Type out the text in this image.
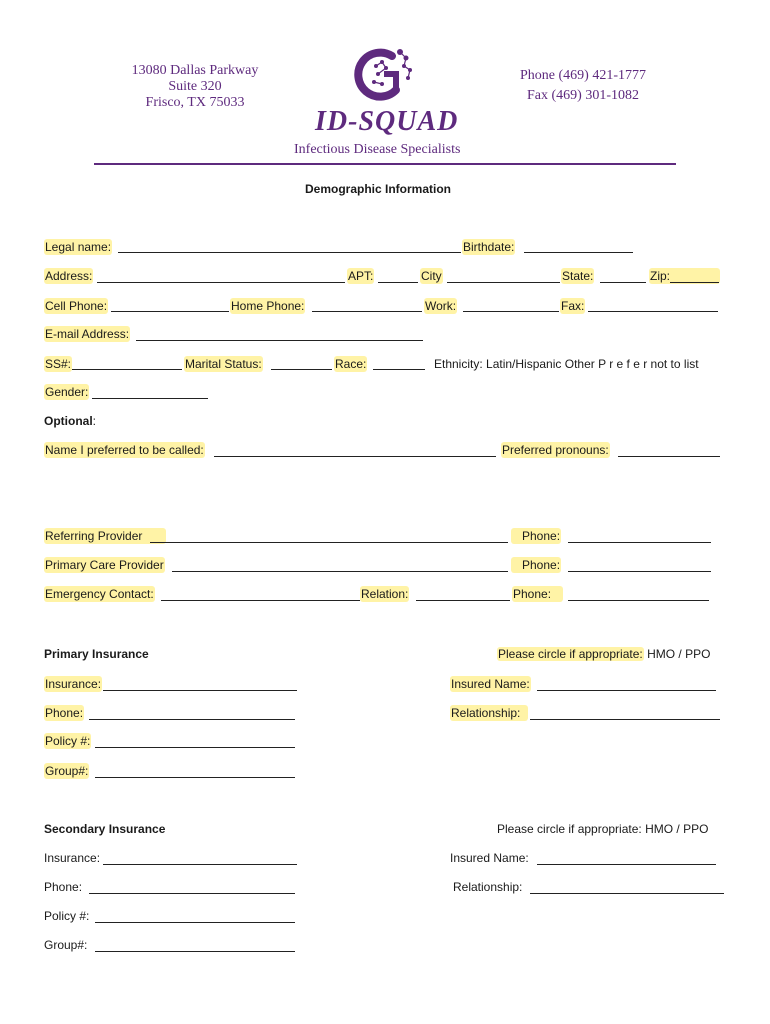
13080 Dallas Parkway
Suite 320
Frisco, TX 75033
ID-SQUAD
Infectious Disease Specialists
Phone (469) 421-1777
Fax (469) 301-1082
Demographic Information
Legal name:	Birthdate:
Address:	APT:	City	State:	Zip:
Cell Phone:	Home Phone:	Work:	Fax:
E-mail Address:
SS#:	Marital Status:	Race:	Ethnicity: Latin/Hispanic Other P r e f e r not to list
Gender:
Optional:
Name I preferred to be called:	Preferred pronouns:
Referring Provider	Phone:
Primary Care Provider	Phone:
Emergency Contact:	Relation:	Phone:
Primary Insurance	Please circle if appropriate: HMO / PPO
Insurance:	Insured Name:
Phone:	Relationship:
Policy #:
Group#:
Secondary Insurance	Please circle if appropriate: HMO / PPO
Insurance:	Insured Name:
Phone:	Relationship:
Policy #:
Group#:
